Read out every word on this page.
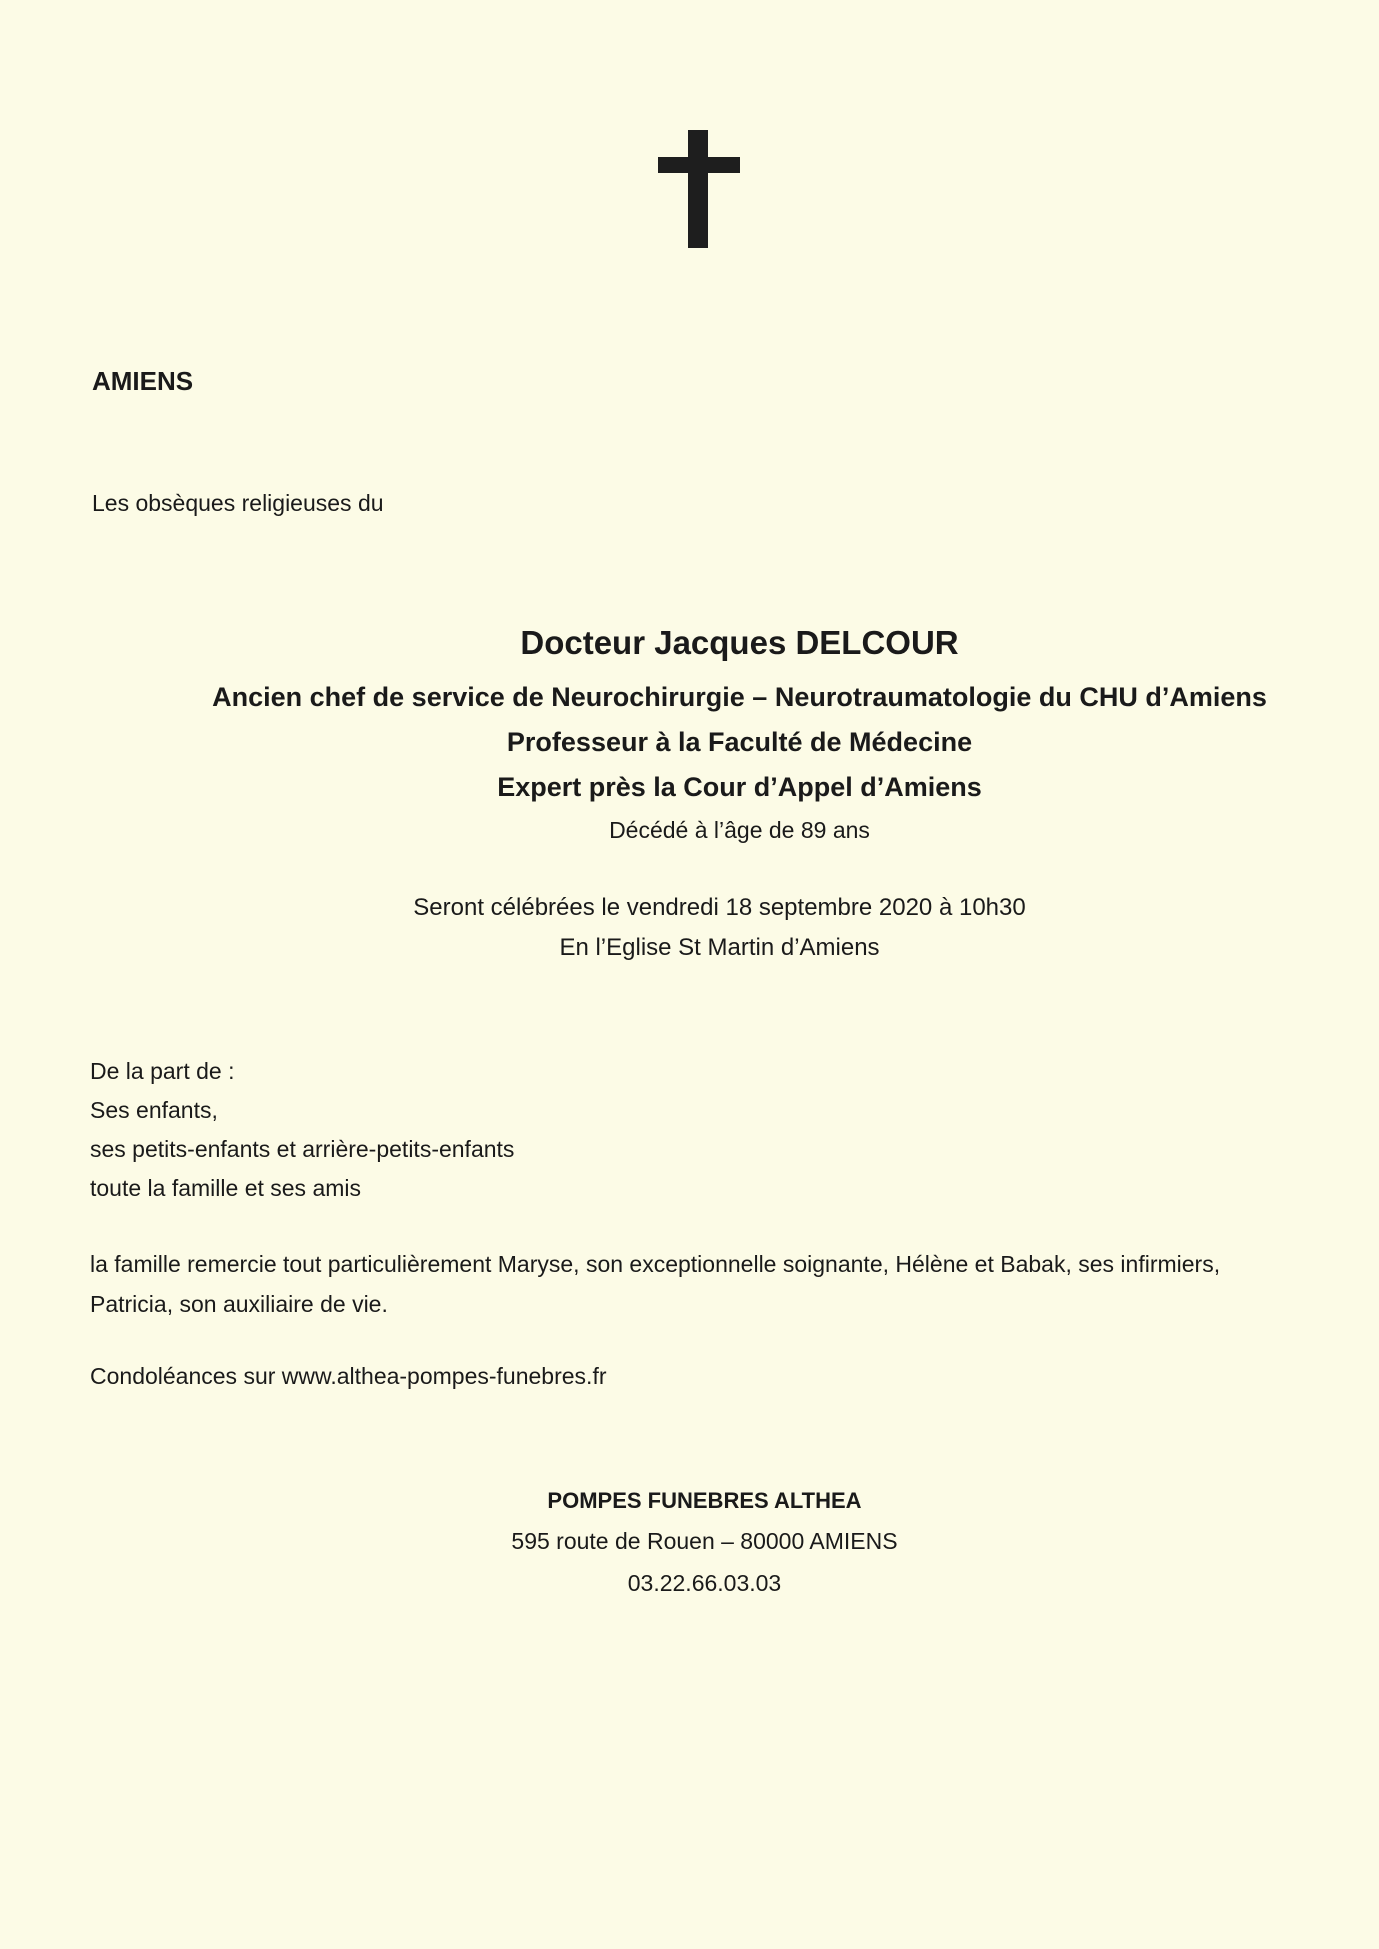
AMIENS
Les obsèques religieuses du
Docteur Jacques DELCOUR
Ancien chef de service de Neurochirurgie – Neurotraumatologie du CHU d’Amiens
Professeur à la Faculté de Médecine
Expert près la Cour d’Appel d’Amiens
Décédé à l’âge de 89 ans
Seront célébrées le vendredi 18 septembre 2020 à 10h30
En l’Eglise St Martin d’Amiens
De la part de :
Ses enfants,
ses petits-enfants et arrière-petits-enfants
toute la famille et ses amis
la famille remercie tout particulièrement Maryse, son exceptionnelle soignante, Hélène et Babak, ses infirmiers, Patricia, son auxiliaire de vie.
Condoléances sur www.althea-pompes-funebres.fr
POMPES FUNEBRES ALTHEA
595 route de Rouen – 80000 AMIENS
03.22.66.03.03
